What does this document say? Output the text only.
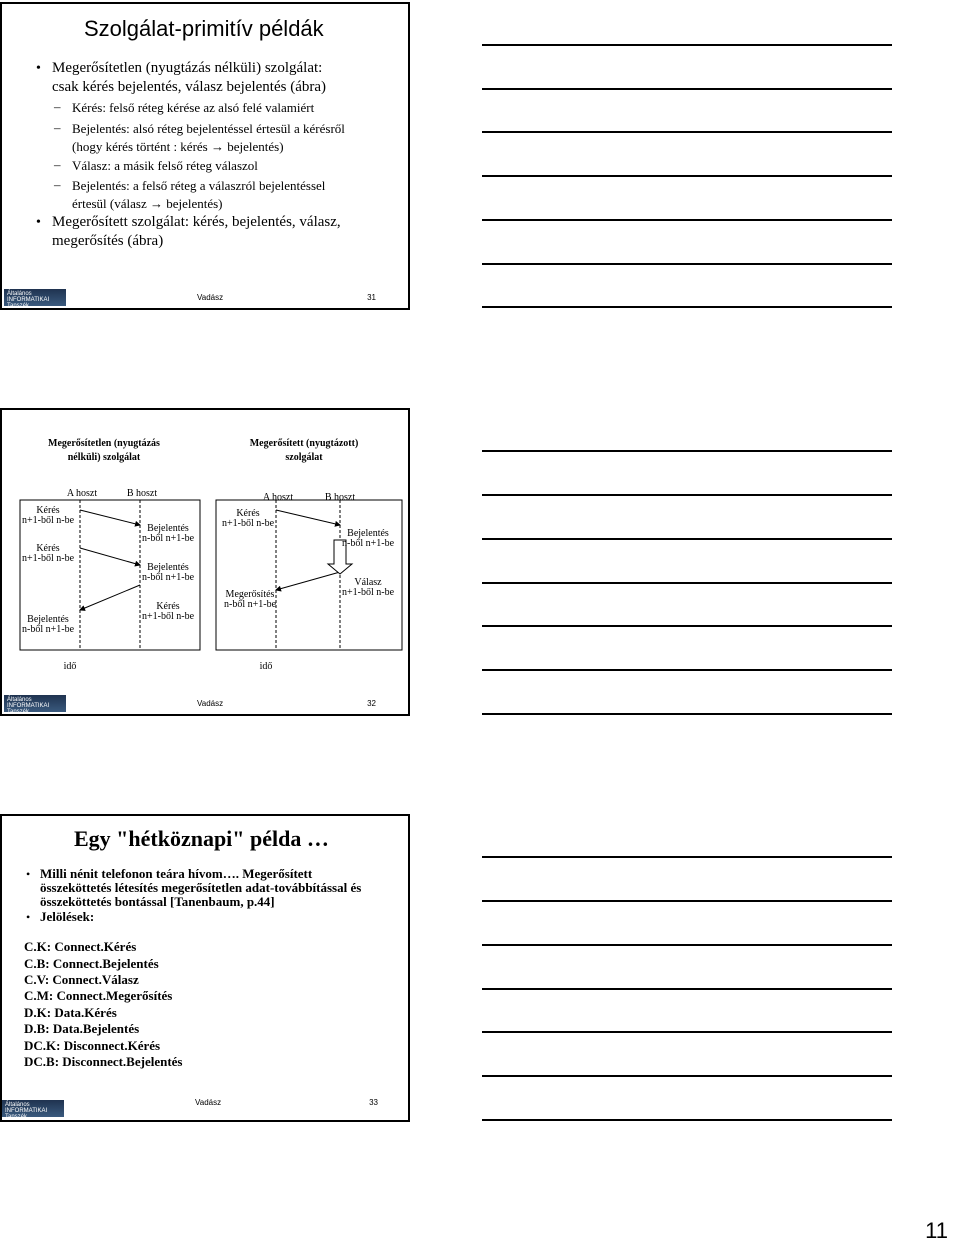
Szolgálat-primitív példák
• Megerősítetlen (nyugtázás nélküli) szolgálat:
csak kérés bejelentés, válasz bejelentés (ábra)
– Kérés: felső réteg kérése az alsó felé valamiért
– Bejelentés: alsó réteg bejelentéssel értesül a kérésről
(hogy kérés történt : kérés → bejelentés)
– Válasz: a másik felső réteg válaszol
– Bejelentés: a felső réteg a válaszról bejelentéssel
értesül (válasz → bejelentés)
• Megerősített szolgálat: kérés, bejelentés, válasz,
megerősítés (ábra)
Általános
INFORMATIKAI
Tanszék
Vadász	31
Megerősítetlen (nyugtázás
nélküli) szolgálat
Megerősített (nyugtázott)
szolgálat
A hoszt	B hoszt	A hoszt	B hoszt
Kérés
n+1-ből n-be
Kérés
n+1-ből n-be
Bejelentés
n-ből n+1-be
Bejelentés
n-ből n+1-be
Bejelentés
n-ből n+1-be
Kérés
n+1-ből n-be
Kérés
n+1-ből n-be
Megerősítés
n-ből n+1-be
Bejelentés
n-ből n+1-be
Válasz
n+1-ből n-be
idő	idő
Általános
INFORMATIKAI
Tanszék
Vadász	32
Egy "hétköznapi" példa …
• Milli nénit telefonon teára hívom…. Megerősített
összeköttetés létesítés megerősítetlen adat-továbbítással és
összeköttetés bontással [Tanenbaum, p.44]
• Jelölések:
C.K: Connect.Kérés
C.B: Connect.Bejelentés
C.V: Connect.Válasz
C.M: Connect.Megerősítés
D.K: Data.Kérés
D.B: Data.Bejelentés
DC.K: Disconnect.Kérés
DC.B: Disconnect.Bejelentés
Általános
INFORMATIKAI
Tanszék
Vadász	33
11
